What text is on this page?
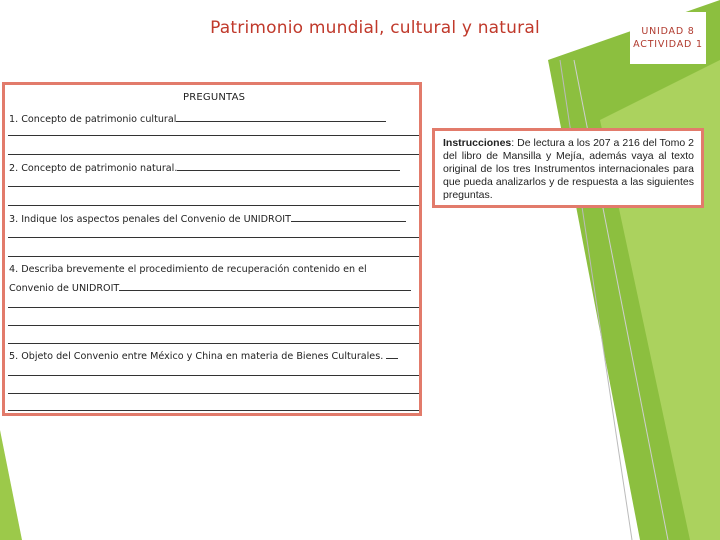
Patrimonio mundial, cultural y natural	UNIDAD 8
ACTIVIDAD 1
PREGUNTAS
1. Concepto de patrimonio cultural
2. Concepto de patrimonio natural.
3. Indique los aspectos penales del Convenio de UNIDROIT
4. Describa brevemente el procedimiento de recuperación contenido en el
Convenio de UNIDROIT
5. Objeto del Convenio entre México y China en materia de Bienes Culturales.
Instrucciones: De lectura a los 207 a 216 del Tomo 2 del libro de Mansilla y Mejía, además vaya al texto original de los tres Instrumentos internacionales para que pueda analizarlos y de respuesta a las siguientes preguntas.
